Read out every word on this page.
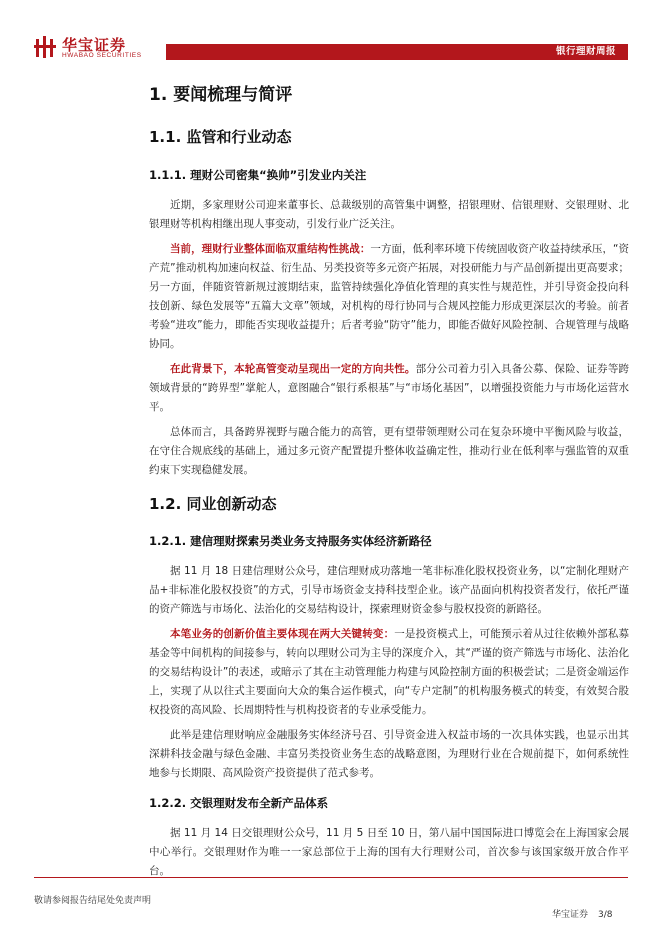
华宝证券
HWABAO SECURITIES	银行理财周报
1. 要闻梳理与简评
1.1. 监管和行业动态
1.1.1. 理财公司密集“换帅”引发业内关注

近期，多家理财公司迎来董事长、总裁级别的高管集中调整，招银理财、信银理财、交银理财、北银理财等机构相继出现人事变动，引发行业广泛关注。

当前，理财行业整体面临双重结构性挑战：一方面，低利率环境下传统固收资产收益持续承压，“资产荒”推动机构加速向权益、衍生品、另类投资等多元资产拓展，对投研能力与产品创新提出更高要求；另一方面，伴随资管新规过渡期结束，监管持续强化净值化管理的真实性与规范性，并引导资金投向科技创新、绿色发展等“五篇大文章”领域，对机构的母行协同与合规风控能力形成更深层次的考验。前者考验“进攻”能力，即能否实现收益提升；后者考验“防守”能力，即能否做好风险控制、合规管理与战略协同。

在此背景下，本轮高管变动呈现出一定的方向共性。部分公司着力引入具备公募、保险、证券等跨领域背景的“跨界型”掌舵人，意图融合“银行系根基”与“市场化基因”，以增强投资能力与市场化运营水平。

总体而言，具备跨界视野与融合能力的高管，更有望带领理财公司在复杂环境中平衡风险与收益，在守住合规底线的基础上，通过多元资产配置提升整体收益确定性，推动行业在低利率与强监管的双重约束下实现稳健发展。

1.2. 同业创新动态
1.2.1. 建信理财探索另类业务支持服务实体经济新路径

据 11 月 18 日建信理财公众号，建信理财成功落地一笔非标准化股权投资业务，以“定制化理财产品+非标准化股权投资”的方式，引导市场资金支持科技型企业。该产品面向机构投资者发行，依托严谨的资产筛选与市场化、法治化的交易结构设计，探索理财资金参与股权投资的新路径。

本笔业务的创新价值主要体现在两大关键转变：一是投资模式上，可能预示着从过往依赖外部私募基金等中间机构的间接参与，转向以理财公司为主导的深度介入，其“严谨的资产筛选与市场化、法治化的交易结构设计”的表述，或暗示了其在主动管理能力构建与风险控制方面的积极尝试；二是资金端运作上，实现了从以往式主要面向大众的集合运作模式，向“专户定制”的机构服务模式的转变，有效契合股权投资的高风险、长周期特性与机构投资者的专业承受能力。

此举是建信理财响应金融服务实体经济号召、引导资金进入权益市场的一次具体实践，也显示出其深耕科技金融与绿色金融、丰富另类投资业务生态的战略意图，为理财行业在合规前提下，如何系统性地参与长期限、高风险资产投资提供了范式参考。

1.2.2. 交银理财发布全新产品体系

据 11 月 14 日交银理财公众号，11 月 5 日至 10 日，第八届中国国际进口博览会在上海国家会展中心举行。交银理财作为唯一一家总部位于上海的国有大行理财公司，首次参与该国家级开放合作平台。

敬请参阅报告结尾处免责声明
华宝证券 3/8
